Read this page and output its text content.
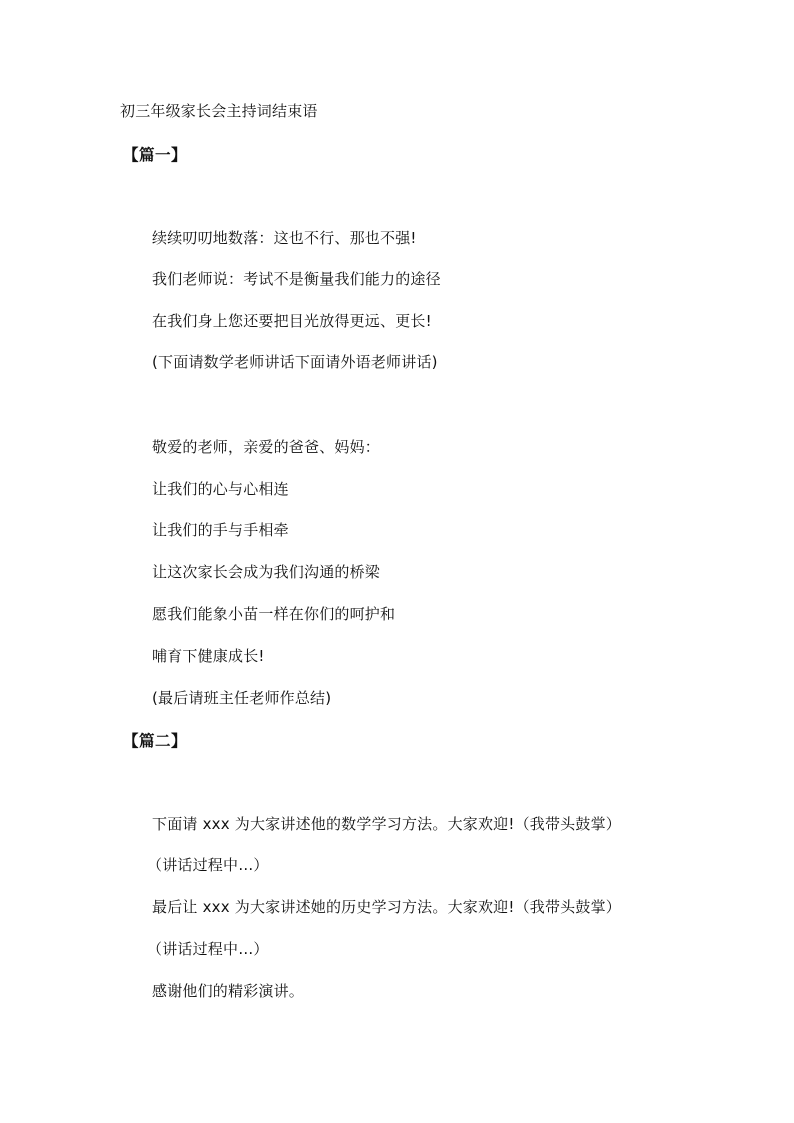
初三年级家长会主持词结束语
【篇一】
续续叨叨地数落：这也不行、那也不强!
我们老师说：考试不是衡量我们能力的途径
在我们身上您还要把目光放得更远、更长!
(下面请数学老师讲话下面请外语老师讲话)
敬爱的老师，亲爱的爸爸、妈妈：
让我们的心与心相连
让我们的手与手相牵
让这次家长会成为我们沟通的桥梁
愿我们能象小苗一样在你们的呵护和
哺育下健康成长!
(最后请班主任老师作总结)
【篇二】
下面请 xxx 为大家讲述他的数学学习方法。大家欢迎!（我带头鼓掌）
（讲话过程中…）
最后让 xxx 为大家讲述她的历史学习方法。大家欢迎!（我带头鼓掌）
（讲话过程中…）
感谢他们的精彩演讲。
